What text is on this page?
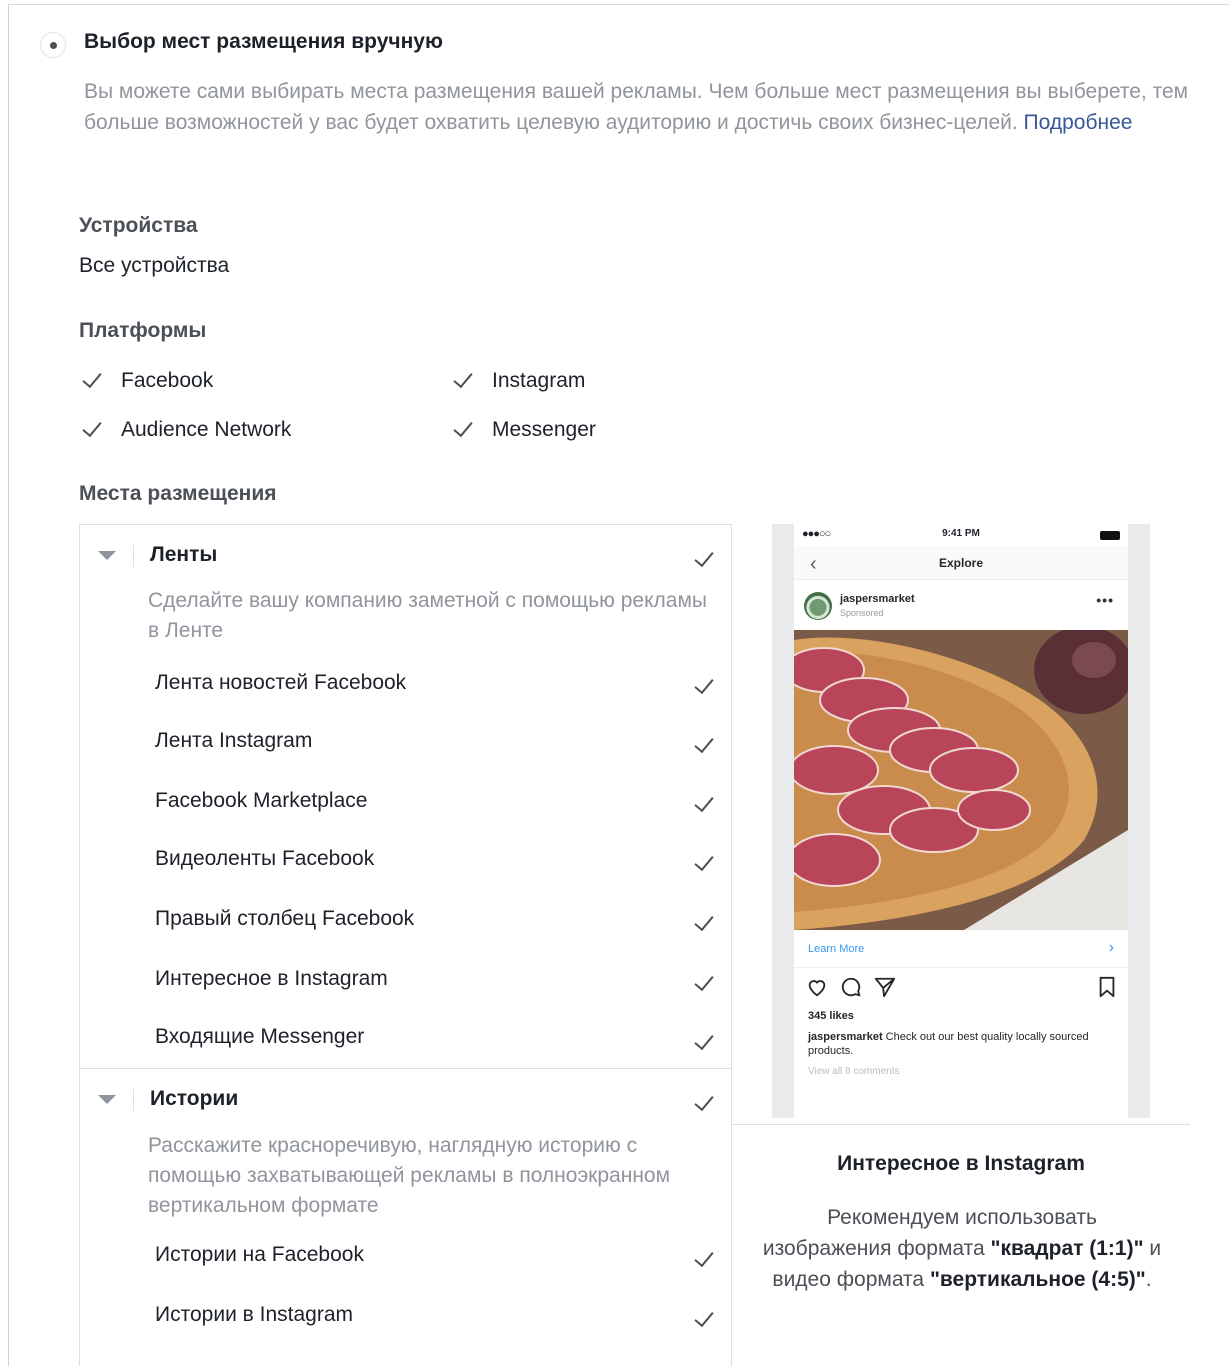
Выбор мест размещения вручную
Вы можете сами выбирать места размещения вашей рекламы. Чем больше мест размещения вы выберете, тем больше возможностей у вас будет охватить целевую аудиторию и достичь своих бизнес-целей. Подробнее
Устройства
Все устройства
Платформы
Facebook	Instagram
Audience Network	Messenger
Места размещения
Ленты
Сделайте вашу компанию заметной с помощью рекламы в Ленте
Лента новостей Facebook
Лента Instagram
Facebook Marketplace
Видеоленты Facebook
Правый столбец Facebook
Интересное в Instagram
Входящие Messenger
Истории
Расскажите красноречивую, наглядную историю с помощью захватывающей рекламы в полноэкранном вертикальном формате
Истории на Facebook
Истории в Instagram
●●●○○	9:41 PM
‹	Explore
jaspersmarket
Sponsored
•••
Learn More	›
345 likes
jaspersmarket Check out our best quality locally sourced products.
View all 8 comments
Интересное в Instagram
Рекомендуем использовать изображения формата "квадрат (1:1)" и видео формата "вертикальное (4:5)".
